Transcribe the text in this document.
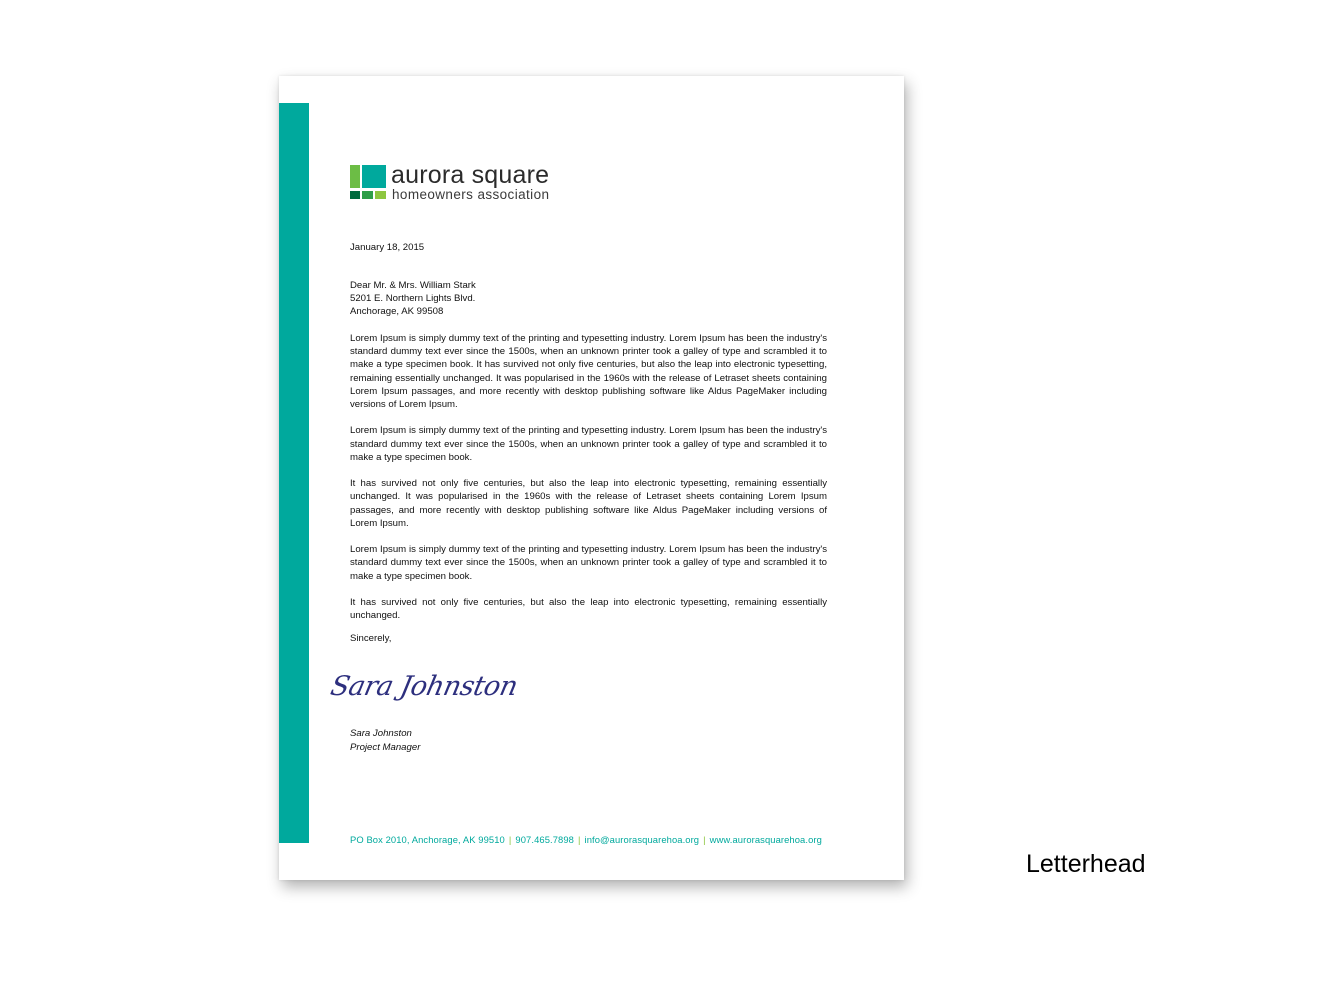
aurora square
homeowners association
January 18, 2015
Dear Mr. & Mrs. William Stark
5201 E. Northern Lights Blvd.
Anchorage, AK 99508

Lorem Ipsum is simply dummy text of the printing and typesetting industry. Lorem Ipsum has been the industry's standard dummy text ever since the 1500s, when an unknown printer took a galley of type and scrambled it to make a type specimen book. It has survived not only five centuries, but also the leap into electronic typesetting, remaining essentially unchanged. It was popularised in the 1960s with the release of Letraset sheets containing Lorem Ipsum passages, and more recently with desktop publishing software like Aldus PageMaker including versions of Lorem Ipsum.

Lorem Ipsum is simply dummy text of the printing and typesetting industry. Lorem Ipsum has been the industry's standard dummy text ever since the 1500s, when an unknown printer took a galley of type and scrambled it to make a type specimen book.

It has survived not only five centuries, but also the leap into electronic typesetting, remaining essentially unchanged. It was popularised in the 1960s with the release of Letraset sheets containing Lorem Ipsum passages, and more recently with desktop publishing software like Aldus PageMaker including versions of Lorem Ipsum.

Lorem Ipsum is simply dummy text of the printing and typesetting industry. Lorem Ipsum has been the industry's standard dummy text ever since the 1500s, when an unknown printer took a galley of type and scrambled it to make a type specimen book.

It has survived not only five centuries, but also the leap into electronic typesetting, remaining essentially unchanged.

Sincerely,
Sara Johnston
Sara Johnston
Project Manager
PO Box 2010, Anchorage, AK 99510 | 907.465.7898 | info@aurorasquarehoa.org | www.aurorasquarehoa.org
Letterhead
